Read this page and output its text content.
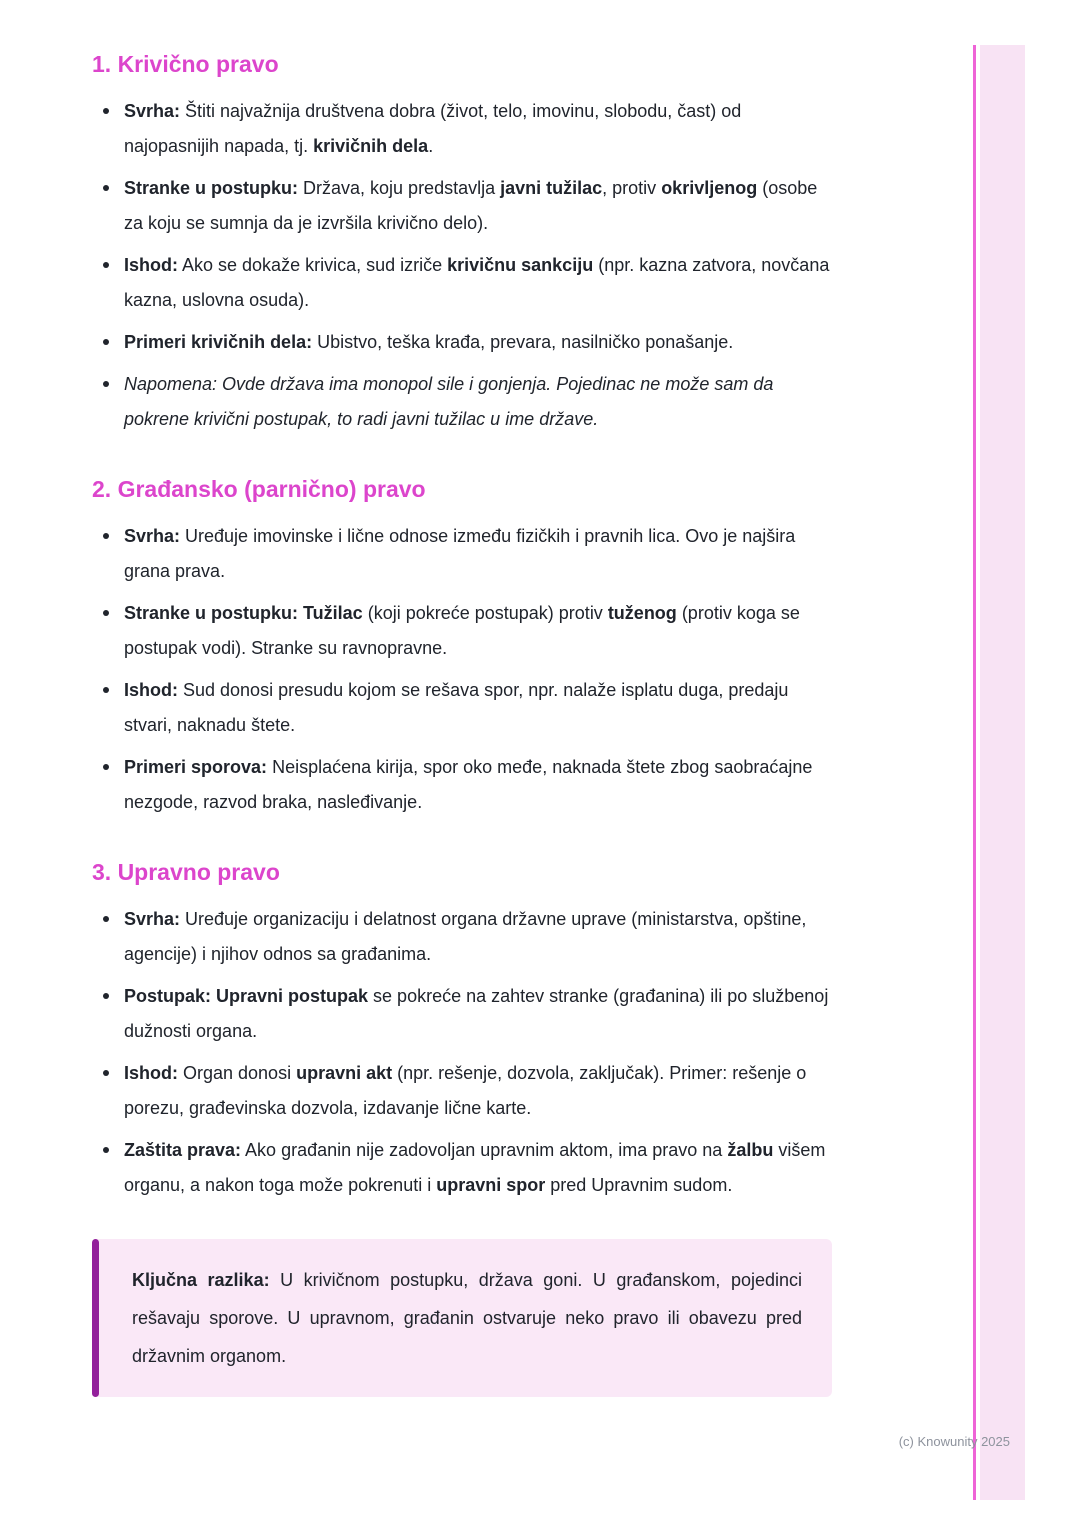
1. Krivično pravo
Svrha: Štiti najvažnija društvena dobra (život, telo, imovinu, slobodu, čast) od najopasnijih napada, tj. krivičnih dela.
Stranke u postupku: Država, koju predstavlja javni tužilac, protiv okrivljenog (osobe za koju se sumnja da je izvršila krivično delo).
Ishod: Ako se dokaže krivica, sud izriče krivičnu sankciju (npr. kazna zatvora, novčana kazna, uslovna osuda).
Primeri krivičnih dela: Ubistvo, teška krađa, prevara, nasilničko ponašanje.
Napomena: Ovde država ima monopol sile i gonjenja. Pojedinac ne može sam da pokrene krivični postupak, to radi javni tužilac u ime države.
2. Građansko (parnično) pravo
Svrha: Uređuje imovinske i lične odnose između fizičkih i pravnih lica. Ovo je najšira grana prava.
Stranke u postupku: Tužilac (koji pokreće postupak) protiv tuženog (protiv koga se postupak vodi). Stranke su ravnopravne.
Ishod: Sud donosi presudu kojom se rešava spor, npr. nalaže isplatu duga, predaju stvari, naknadu štete.
Primeri sporova: Neisplaćena kirija, spor oko međe, naknada štete zbog saobraćajne nezgode, razvod braka, nasleđivanje.
3. Upravno pravo
Svrha: Uređuje organizaciju i delatnost organa državne uprave (ministarstva, opštine, agencije) i njihov odnos sa građanima.
Postupak: Upravni postupak se pokreće na zahtev stranke (građanina) ili po službenoj dužnosti organa.
Ishod: Organ donosi upravni akt (npr. rešenje, dozvola, zaključak). Primer: rešenje o porezu, građevinska dozvola, izdavanje lične karte.
Zaštita prava: Ako građanin nije zadovoljan upravnim aktom, ima pravo na žalbu višem organu, a nakon toga može pokrenuti i upravni spor pred Upravnim sudom.

Ključna razlika: U krivičnom postupku, država goni. U građanskom, pojedinci rešavaju sporove. U upravnom, građanin ostvaruje neko pravo ili obavezu pred državnim organom.

(c) Knowunity 2025
